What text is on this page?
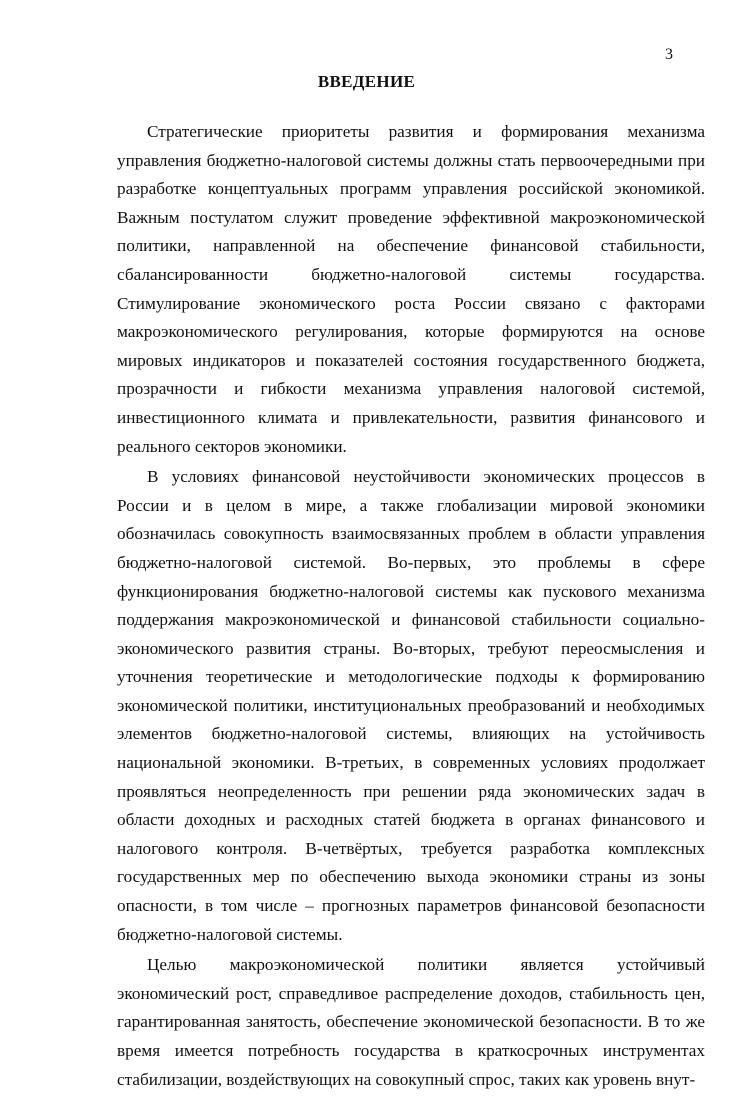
3
ВВЕДЕНИЕ

Стратегические приоритеты развития и формирования механизма управления бюджетно-налоговой системы должны стать первоочередными при разработке концептуальных программ управления российской экономикой. Важным постулатом служит проведение эффективной макроэкономической политики, направленной на обеспечение финансовой стабильности, сбалансированности бюджетно-налоговой системы государства. Стимулирование экономического роста России связано с факторами макроэкономического регулирования, которые формируются на основе мировых индикаторов и показателей состояния государственного бюджета, прозрачности и гибкости механизма управления налоговой системой, инвестиционного климата и привлекательности, развития финансового и реального секторов экономики.

В условиях финансовой неустойчивости экономических процессов в России и в целом в мире, а также глобализации мировой экономики обозначилась совокупность взаимосвязанных проблем в области управления бюджетно-налоговой системой. Во-первых, это проблемы в сфере функционирования бюджетно-налоговой системы как пускового механизма поддержания макроэкономической и финансовой стабильности социально-экономического развития страны. Во-вторых, требуют переосмысления и уточнения теоретические и методологические подходы к формированию экономической политики, институциональных преобразований и необходимых элементов бюджетно-налоговой системы, влияющих на устойчивость национальной экономики. В-третьих, в современных условиях продолжает проявляться неопределенность при решении ряда экономических задач в области доходных и расходных статей бюджета в органах финансового и налогового контроля. В-четвёртых, требуется разработка комплексных государственных мер по обеспечению выхода экономики страны из зоны опасности, в том числе – прогнозных параметров финансовой безопасности бюджетно-налоговой системы.

Целью макроэкономической политики является устойчивый экономический рост, справедливое распределение доходов, стабильность цен, гарантированная занятость, обеспечение экономической безопасности. В то же время имеется потребность государства в краткосрочных инструментах стабилизации, воздействующих на совокупный спрос, таких как уровень внут-
